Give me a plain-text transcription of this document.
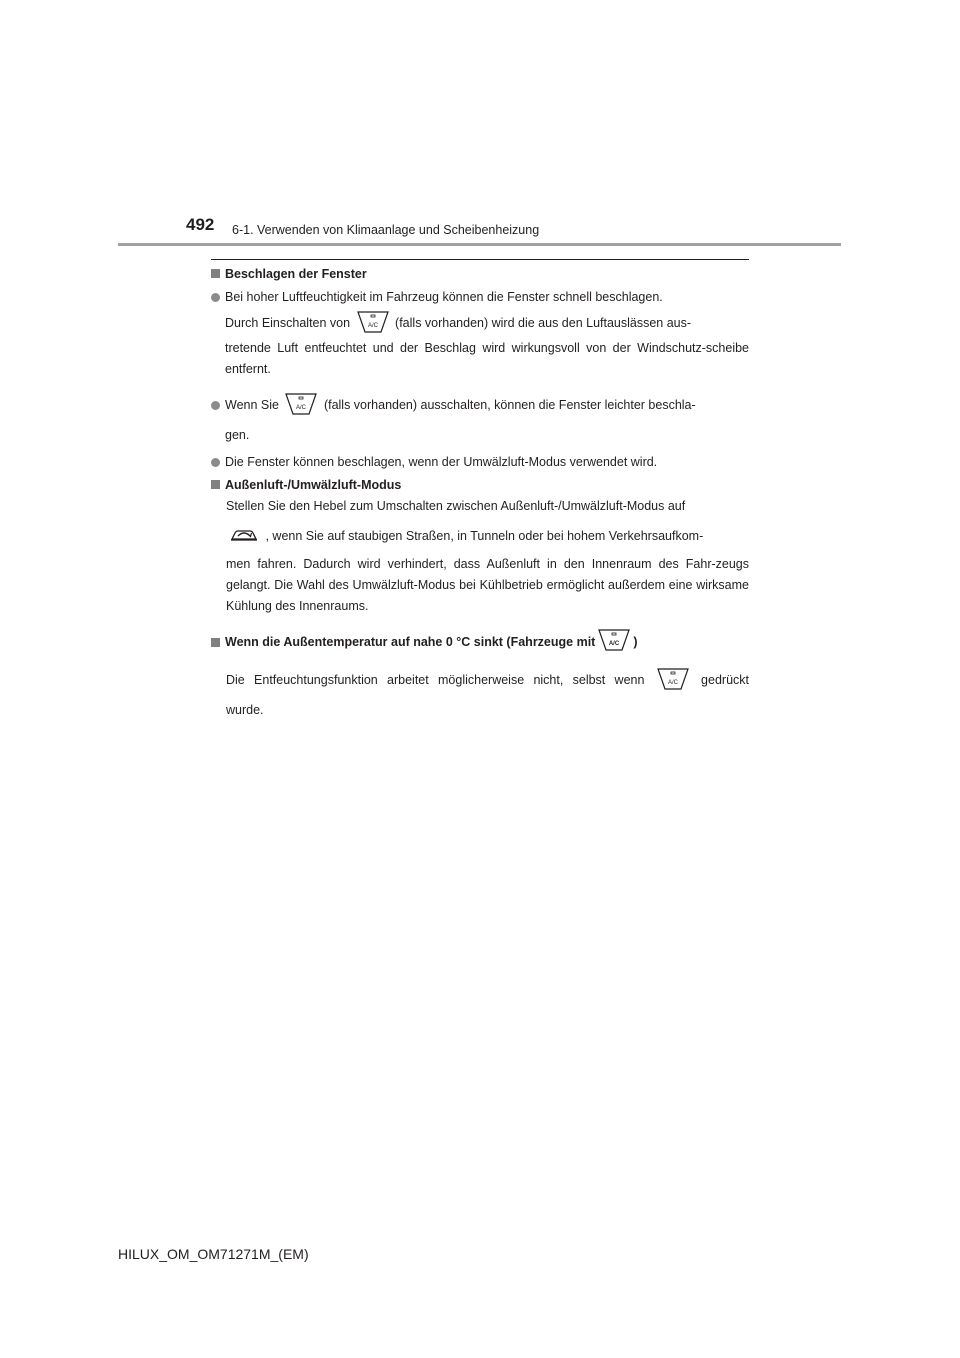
492 6-1. Verwenden von Klimaanlage und Scheibenheizung
Beschlagen der Fenster
Bei hoher Luftfeuchtigkeit im Fahrzeug können die Fenster schnell beschlagen.
Durch Einschalten von	A/C (falls vorhanden) wird die aus den Luftauslässen aus-
tretende Luft entfeuchtet und der Beschlag wird wirkungsvoll von der Windschutz-scheibe entfernt.
Wenn Sie	A/C (falls vorhanden) ausschalten, können die Fenster leichter beschla-
gen.
Die Fenster können beschlagen, wenn der Umwälzluft-Modus verwendet wird.
Außenluft-/Umwälzluft-Modus
Stellen Sie den Hebel zum Umschalten zwischen Außenluft-/Umwälzluft-Modus auf
, wenn Sie auf staubigen Straßen, in Tunneln oder bei hohem Verkehrsaufkom-
men fahren. Dadurch wird verhindert, dass Außenluft in den Innenraum des Fahr-zeugs gelangt. Die Wahl des Umwälzluft-Modus bei Kühlbetrieb ermöglicht außerdem eine wirksame Kühlung des Innenraums.
Wenn die Außentemperatur auf nahe 0 °C sinkt (Fahrzeuge mit A/C )
Die Entfeuchtungsfunktion arbeitet möglicherweise nicht, selbst wenn	A/C gedrückt
wurde.
HILUX_OM_OM71271M_(EM)
